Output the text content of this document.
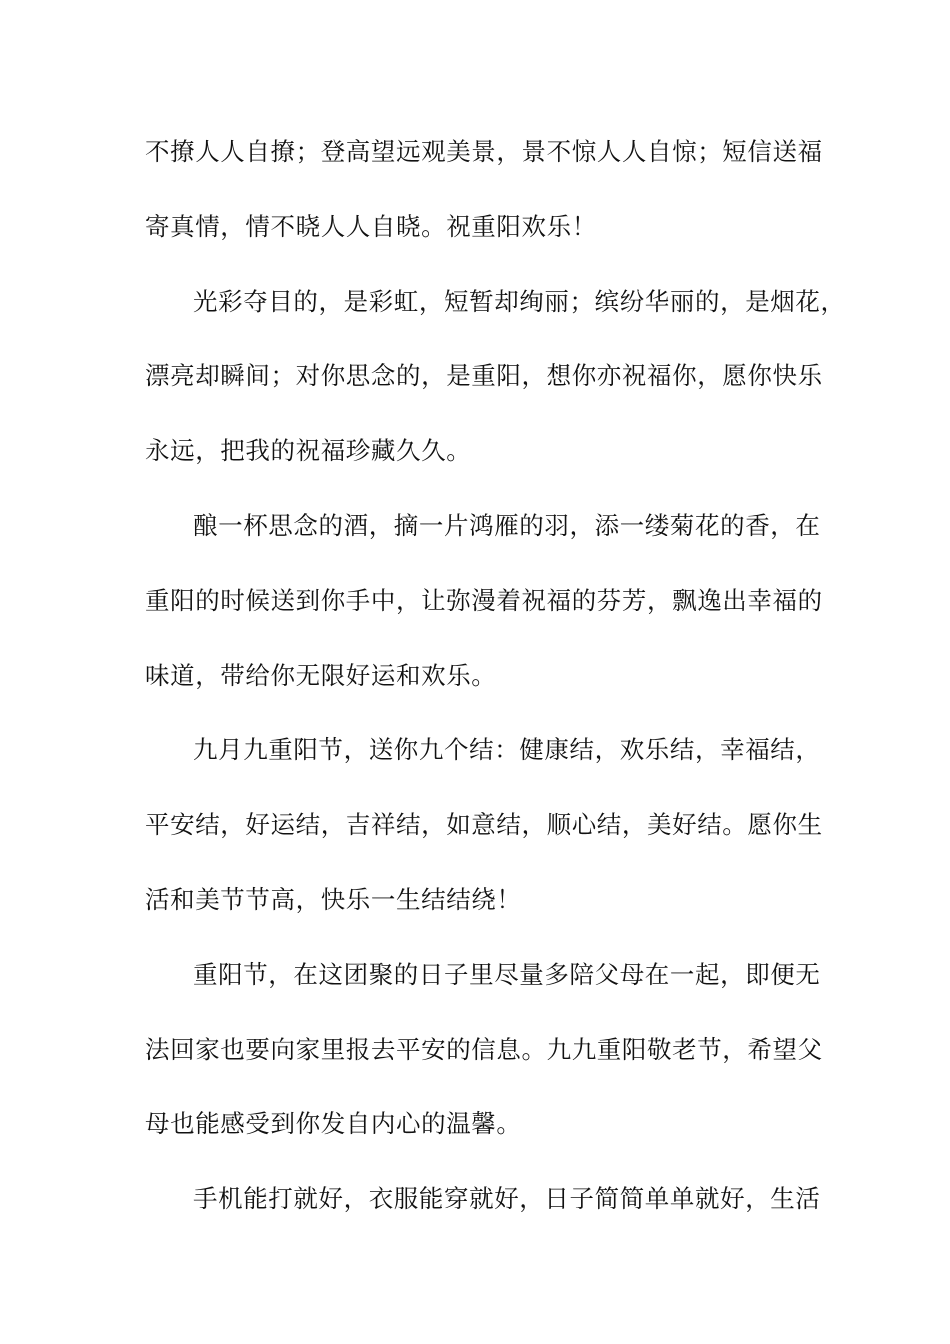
不撩人人自撩；登高望远观美景，景不惊人人自惊；短信送福
寄真情，情不晓人人自晓。祝重阳欢乐！
光彩夺目的，是彩虹，短暂却绚丽；缤纷华丽的，是烟花，
漂亮却瞬间；对你思念的，是重阳，想你亦祝福你，愿你快乐
永远，把我的祝福珍藏久久。
酿一杯思念的酒，摘一片鸿雁的羽，添一缕菊花的香，在
重阳的时候送到你手中，让弥漫着祝福的芬芳，飘逸出幸福的
味道，带给你无限好运和欢乐。
九月九重阳节，送你九个结：健康结，欢乐结，幸福结，
平安结，好运结，吉祥结，如意结，顺心结，美好结。愿你生
活和美节节高，快乐一生结结绕！
重阳节，在这团聚的日子里尽量多陪父母在一起，即便无
法回家也要向家里报去平安的信息。九九重阳敬老节，希望父
母也能感受到你发自内心的温馨。
手机能打就好，衣服能穿就好，日子简简单单就好，生活
